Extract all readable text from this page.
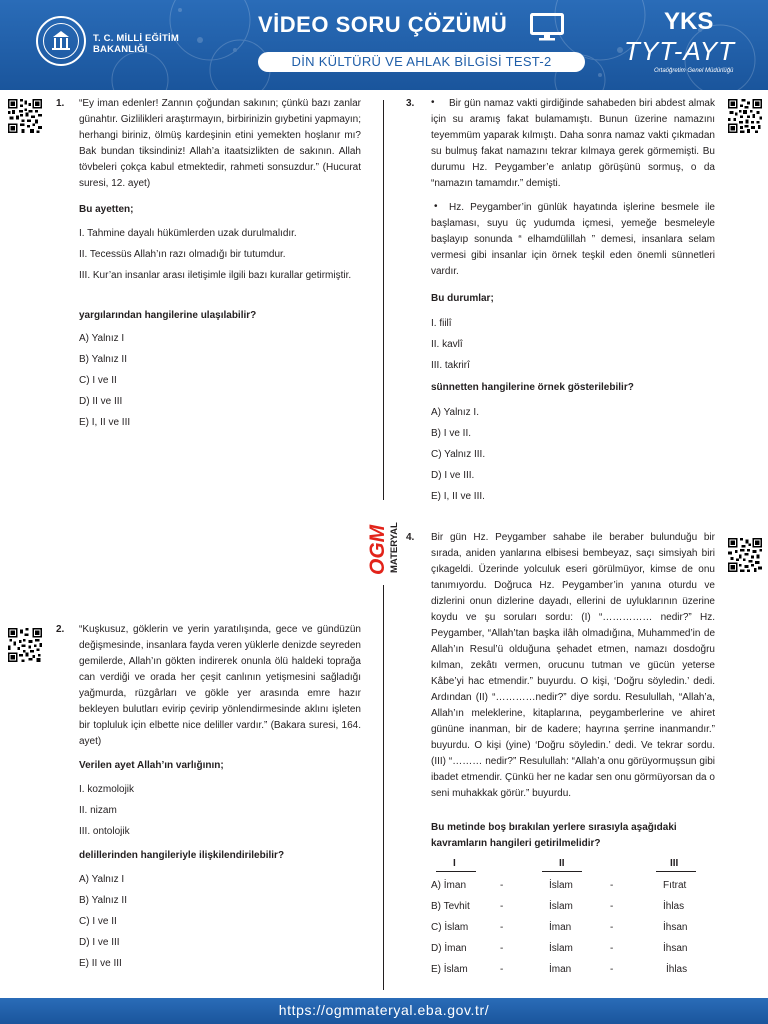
T. C. MİLLİ EĞİTİM
BAKANLIĞI
VİDEO SORU ÇÖZÜMÜ
DİN KÜLTÜRÜ VE AHLAK BİLGİSİ TEST-2
YKS
TYT-AYT
Ortaöğretim Genel Müdürlüğü
OGM MATERYAL
1. “Ey iman edenler! Zannın çoğundan sakının; çünkü bazı zanlar günahtır. Gizlilikleri araştırmayın, birbirinizin gıybetini yapmayın; herhangi biriniz, ölmüş kardeşinin etini yemekten hoşlanır mı? Bak bundan tiksindiniz! Allah’a itaatsizlikten de sakının. Allah tövbeleri çokça kabul etmektedir, rahmeti sonsuzdur.” (Hucurat suresi, 12. ayet)
Bu ayetten;
I. Tahmine dayalı hükümlerden uzak durulmalıdır.
II. Tecessüs Allah’ın razı olmadığı bir tutumdur.
III. Kur’an insanlar arası iletişimle ilgili bazı kurallar getirmiştir.
yargılarından hangilerine ulaşılabilir?
A) Yalnız I
B) Yalnız II
C) I ve II
D) II ve III
E) I, II ve III
2. “Kuşkusuz, göklerin ve yerin yaratılışında, gece ve gündüzün değişmesinde, insanlara fayda veren yüklerle denizde seyreden gemilerde, Allah’ın gökten indirerek onunla ölü haldeki toprağa can verdiği ve orada her çeşit canlının yetişmesini sağladığı yağmurda, rüzgârları ve gökle yer arasında emre hazır bekleyen bulutları evirip çevirip yönlendirmesinde aklını işleten bir topluluk için elbette nice deliller vardır.” (Bakara suresi, 164. ayet)
Verilen ayet Allah’ın varlığının;
I. kozmolojik
II. nizam
III. ontolojik
delillerinden hangileriyle ilişkilendirilebilir?
A) Yalnız I
B) Yalnız II
C) I ve II
D) I ve III
E) II ve III
3. •	Bir gün namaz vakti girdiğinde sahabeden biri abdest almak için su aramış fakat bulamamıştı. Bunun üzerine namazını teyemmüm yaparak kılmıştı. Daha sonra namaz vakti çıkmadan su bulmuş fakat namazını tekrar kılmaya gerek görmemişti. Bu durumu Hz. Peygamber’e anlatıp görüşünü sormuş, o da “namazın tamamdır.” demişti.
•	Hz. Peygamber’in günlük hayatında işlerine besmele ile başlaması, suyu üç yudumda içmesi, yemeğe besmeleyle başlayıp sonunda “ elhamdülillah ” demesi, insanlara selam vermesi gibi insanlar için örnek teşkil eden önemli sünnetleri vardır.
Bu durumlar;
I. fiilî
II. kavlî
III. takrirî
sünnetten hangilerine örnek gösterilebilir?
A) Yalnız I.
B) I ve II.
C) Yalnız III.
D) I ve III.
E) I, II ve III.
4. Bir gün Hz. Peygamber sahabe ile beraber bulunduğu bir sırada, aniden yanlarına elbisesi bembeyaz, saçı simsiyah biri çıkageldi. Üzerinde yolculuk eseri görülmüyor, kimse de onu tanımıyordu. Doğruca Hz. Peygamber’in yanına oturdu ve dizlerini onun dizlerine dayadı, ellerini de uyluklarının üzerine koydu ve şu soruları sordu: (I) “…………… nedir?” Hz. Peygamber, “Allah’tan başka ilâh olmadığına, Muhammed’in de Allah’ın Resul’ü olduğuna şehadet etmen, namazı dosdoğru kılman, zekâtı vermen, orucunu tutman ve gücün yeterse Kâbe’yi hac etmendir.” buyurdu. O kişi, ‘Doğru söyledin.’ dedi. Ardından (II) “…………nedir?” diye sordu. Resulullah, “Allah’a, Allah’ın meleklerine, kitaplarına, peygamberlerine ve ahiret gününe inanman, bir de kadere; hayrına şerrine inanmandır.” buyurdu. O kişi (yine) ‘Doğru söyledin.’ dedi. Ve tekrar sordu. (III) “……… nedir?” Resulullah: “Allah’a onu görüyormuşsun gibi ibadet etmendir. Çünkü her ne kadar sen onu görmüyorsan da o seni muhakkak görür.” buyurdu.
Bu metinde boş bırakılan yerlere sırasıyla aşağıdaki kavramların hangileri getirilmelidir?
I	II	III
A) İman	-	İslam	-	Fıtrat
B) Tevhit	-	İslam	-	İhlas
C) İslam	-	İman	-	İhsan
D) İman	-	İslam	-	İhsan
E) İslam	-	İman	-	İhlas
https://ogmmateryal.eba.gov.tr/
